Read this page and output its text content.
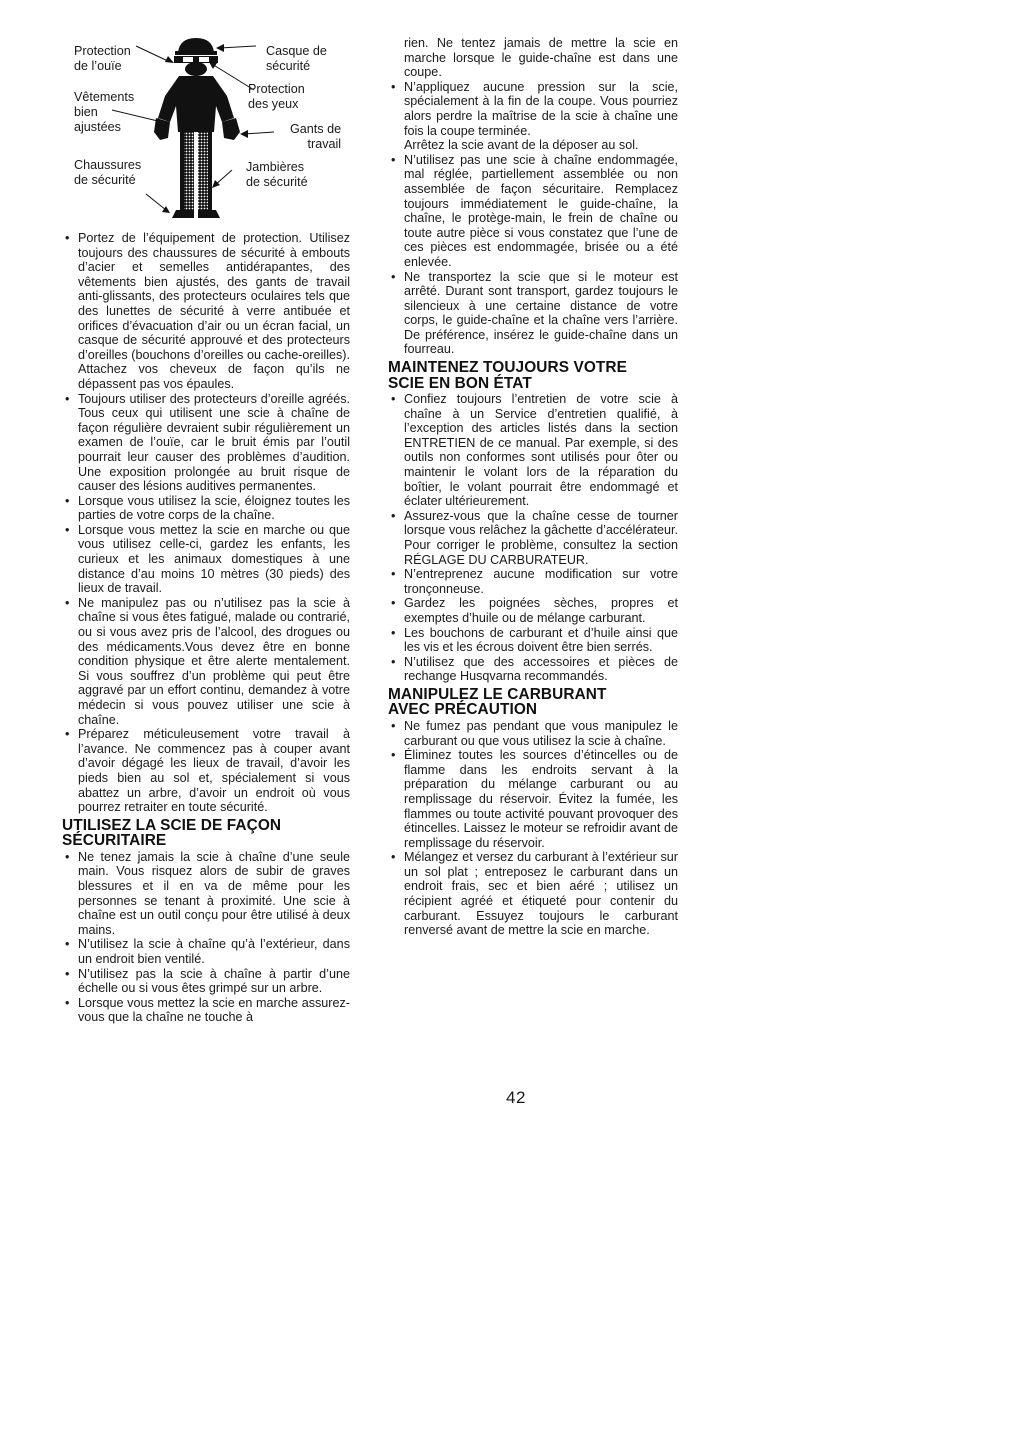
Protection
de l’ouïe
Casque de
sécurité
Vêtements
bien
ajustées
Protection
des yeux
Gants de
travail
Chaussures
de sécurité
Jambières
de sécurité
• Portez de l’équipement de protection. Utilisez toujours des chaussures de sécurité à embouts d’acier et semelles antidérapantes, des vêtements bien ajustés, des gants de travail anti-glissants, des protecteurs oculaires tels que des lunettes de sécurité à verre antibuée et orifices d’évacuation d’air ou un écran facial, un casque de sécurité approuvé et des protecteurs d’oreilles (bouchons d’oreilles ou cache-oreilles). Attachez vos cheveux de façon qu’ils ne dépassent pas vos épaules.
• Toujours utiliser des protecteurs d’oreille agréés. Tous ceux qui utilisent une scie à chaîne de façon régulière devraient subir régulièrement un examen de l’ouïe, car le bruit émis par l’outil pourrait leur causer des problèmes d’audition. Une exposition prolongée au bruit risque de causer des lésions auditives permanentes.
• Lorsque vous utilisez la scie, éloignez toutes les parties de votre corps de la chaîne.
• Lorsque vous mettez la scie en marche ou que vous utilisez celle-ci, gardez les enfants, les curieux et les animaux domestiques à une distance d’au moins 10 mètres (30 pieds) des lieux de travail.
• Ne manipulez pas ou n’utilisez pas la scie à chaîne si vous êtes fatigué, malade ou contrarié, ou si vous avez pris de l’alcool, des drogues ou des médicaments.Vous devez être en bonne condition physique et être alerte mentalement. Si vous souffrez d’un problème qui peut être aggravé par un effort continu, demandez à votre médecin si vous pouvez utiliser une scie à chaîne.
• Préparez méticuleusement votre travail à l’avance. Ne commencez pas à couper avant d’avoir dégagé les lieux de travail, d’avoir les pieds bien au sol et, spécialement si vous abattez un arbre, d’avoir un endroit où vous pourrez retraiter en toute sécurité.
UTILISEZ LA SCIE DE FAÇON
SÉCURITAIRE
• Ne tenez jamais la scie à chaîne d’une seule main. Vous risquez alors de subir de graves blessures et il en va de même pour les personnes se tenant à proximité. Une scie à chaîne est un outil conçu pour être utilisé à deux mains.
• N’utilisez la scie à chaîne qu’à l’extérieur, dans un endroit bien ventilé.
• N’utilisez pas la scie à chaîne à partir d’une échelle ou si vous êtes grimpé sur un arbre.
• Lorsque vous mettez la scie en marche assurez-vous que la chaîne ne touche à

rien. Ne tentez jamais de mettre la scie en marche lorsque le guide-chaîne est dans une coupe.

• N’appliquez aucune pression sur la scie, spécialement à la fin de la coupe. Vous pourriez alors perdre la maîtrise de la scie à chaîne une fois la coupe terminée.

Arrêtez la scie avant de la déposer au sol.

• N’utilisez pas une scie à chaîne endommagée, mal réglée, partiellement assemblée ou non assemblée de façon sécuritaire. Remplacez toujours immédiatement le guide-chaîne, la chaîne, le protège-main, le frein de chaîne ou toute autre pièce si vous constatez que l’une de ces pièces est endommagée, brisée ou a été enlevée.
• Ne transportez la scie que si le moteur est arrêté. Durant sont transport, gardez toujours le silencieux à une certaine distance de votre corps, le guide-chaîne et la chaîne vers l’arrière. De préférence, insérez le guide-chaîne dans un fourreau.
MAINTENEZ TOUJOURS VOTRE
SCIE EN BON ÉTAT
• Confiez toujours l’entretien de votre scie à chaîne à un Service d’entretien qualifié, à l’exception des articles listés dans la section ENTRETIEN de ce manual. Par exemple, si des outils non conformes sont utilisés pour ôter ou maintenir le volant lors de la réparation du boîtier, le volant pourrait être endommagé et éclater ultérieurement.
• Assurez-vous que la chaîne cesse de tourner lorsque vous relâchez la gâchette d’accélérateur. Pour corriger le problème, consultez la section RÉGLAGE DU CARBURATEUR.
• N’entreprenez aucune modification sur votre tronçonneuse.
• Gardez les poignées sèches, propres et exemptes d’huile ou de mélange carburant.
• Les bouchons de carburant et d’huile ainsi que les vis et les écrous doivent être bien serrés.
• N’utilisez que des accessoires et pièces de rechange Husqvarna recommandés.
MANIPULEZ LE CARBURANT
AVEC PRÉCAUTION
• Ne fumez pas pendant que vous manipulez le carburant ou que vous utilisez la scie à chaîne.
• Éliminez toutes les sources d’étincelles ou de flamme dans les endroits servant à la préparation du mélange carburant ou au remplissage du réservoir. Évitez la fumée, les flammes ou toute activité pouvant provoquer des étincelles. Laissez le moteur se refroidir avant de remplissage du réservoir.
• Mélangez et versez du carburant à l’extérieur sur un sol plat ; entreposez le carburant dans un endroit frais, sec et bien aéré ; utilisez un récipient agréé et étiqueté pour contenir du carburant. Essuyez toujours le carburant renversé avant de mettre la scie en marche.
42
